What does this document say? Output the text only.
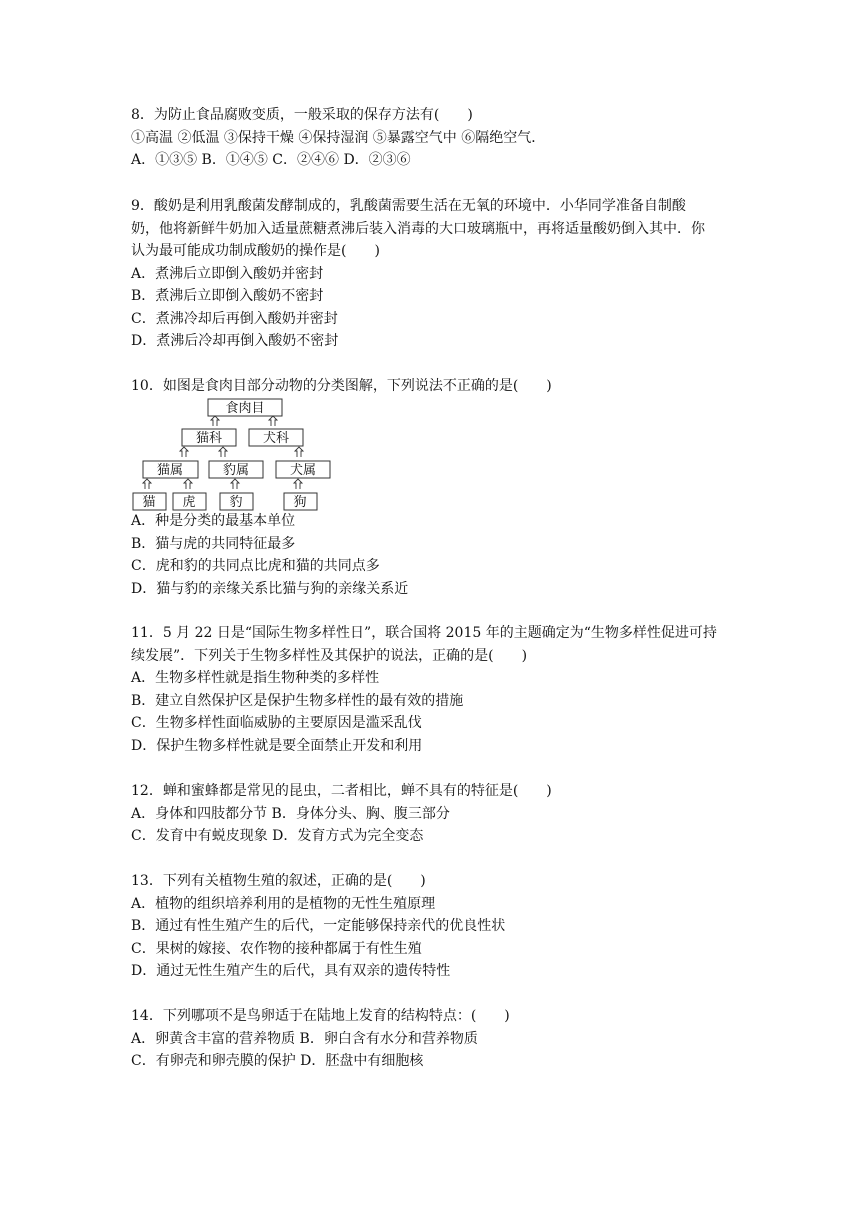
8．为防止食品腐败变质，一般采取的保存方法有(　　)
①高温 ②低温 ③保持干燥 ④保持湿润 ⑤暴露空气中 ⑥隔绝空气．
A．①③⑤ B．①④⑤ C．②④⑥ D．②③⑥
9．酸奶是利用乳酸菌发酵制成的，乳酸菌需要生活在无氧的环境中．小华同学准备自制酸
奶，他将新鲜牛奶加入适量蔗糖煮沸后装入消毒的大口玻璃瓶中，再将适量酸奶倒入其中．你
认为最可能成功制成酸奶的操作是(　　)
A．煮沸后立即倒入酸奶并密封
B．煮沸后立即倒入酸奶不密封
C．煮沸冷却后再倒入酸奶并密封
D．煮沸后冷却再倒入酸奶不密封
10．如图是食肉目部分动物的分类图解，下列说法不正确的是(　　)
食肉目
猫科	犬科
猫属	豹属	犬属
猫 虎	豹	狗
A．种是分类的最基本单位
B．猫与虎的共同特征最多
C．虎和豹的共同点比虎和猫的共同点多
D．猫与豹的亲缘关系比猫与狗的亲缘关系近
11．5 月 22 日是“国际生物多样性日”，联合国将 2015 年的主题确定为“生物多样性促进可持
续发展”．下列关于生物多样性及其保护的说法，正确的是(　　)
A．生物多样性就是指生物种类的多样性
B．建立自然保护区是保护生物多样性的最有效的措施
C．生物多样性面临威胁的主要原因是滥采乱伐
D．保护生物多样性就是要全面禁止开发和利用
12．蝉和蜜蜂都是常见的昆虫，二者相比，蝉不具有的特征是(　　)
A．身体和四肢都分节 B．身体分头、胸、腹三部分
C．发育中有蜕皮现象 D．发育方式为完全变态
13．下列有关植物生殖的叙述，正确的是(　　)
A．植物的组织培养利用的是植物的无性生殖原理
B．通过有性生殖产生的后代，一定能够保持亲代的优良性状
C．果树的嫁接、农作物的接种都属于有性生殖
D．通过无性生殖产生的后代，具有双亲的遗传特性
14．下列哪项不是鸟卵适于在陆地上发育的结构特点：(　　)
A．卵黄含丰富的营养物质 B．卵白含有水分和营养物质
C．有卵壳和卵壳膜的保护 D．胚盘中有细胞核
